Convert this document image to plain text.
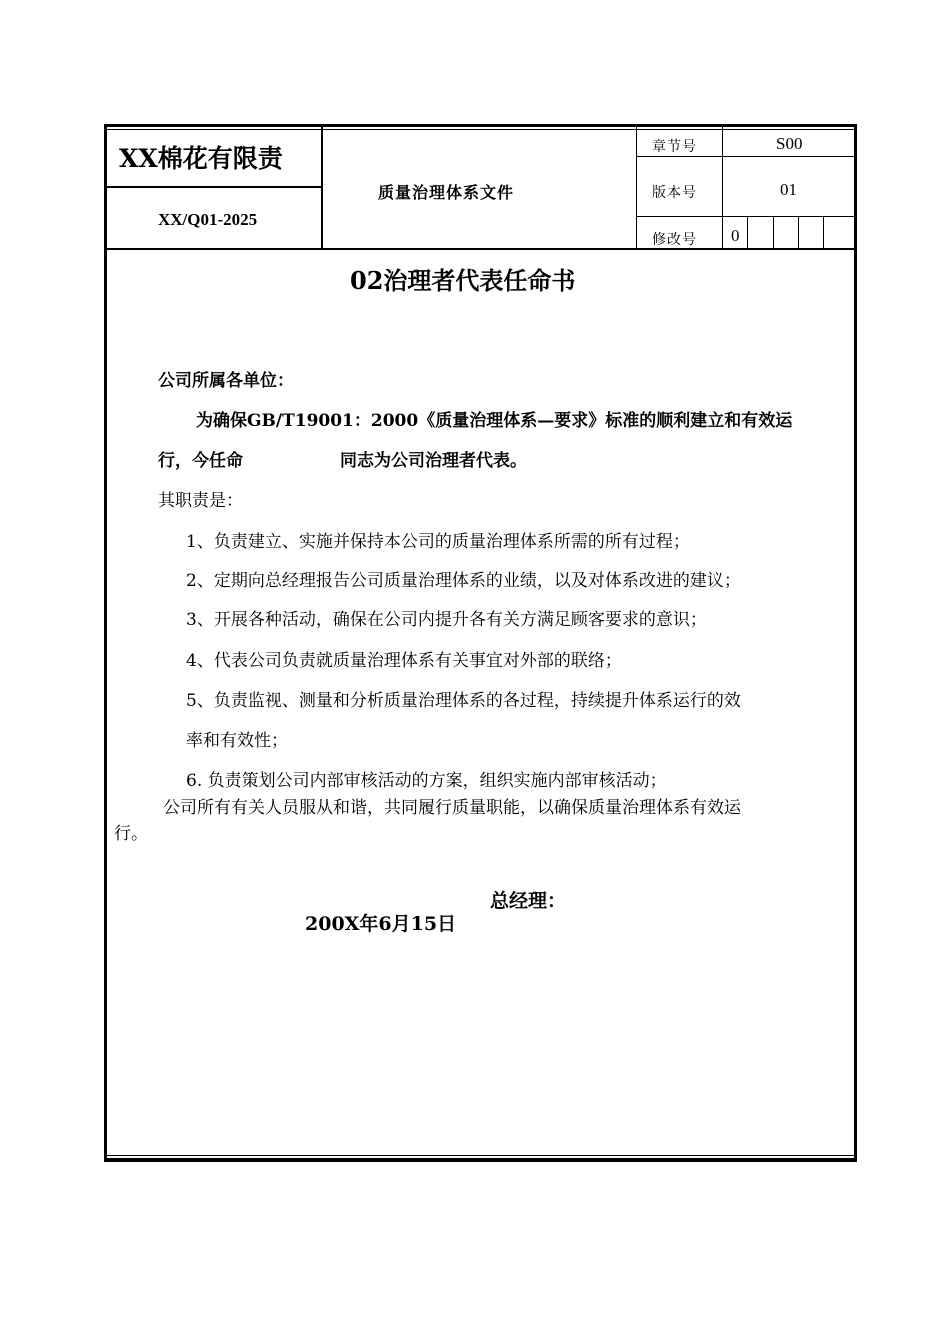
XX棉花有限责
XX/Q01-2025
质量治理体系文件
章节号	S00
版本号	01
修改号 0
02治理者代表任命书
公司所属各单位：
为确保GB/T19001：2000《质量治理体系—要求》标准的顺利建立和有效运
行，今任命	同志为公司治理者代表。
其职责是：
1、负责建立、实施并保持本公司的质量治理体系所需的所有过程；
2、定期向总经理报告公司质量治理体系的业绩，以及对体系改进的建议；
3、开展各种活动，确保在公司内提升各有关方满足顾客要求的意识；
4、代表公司负责就质量治理体系有关事宜对外部的联络；
5、负责监视、测量和分析质量治理体系的各过程，持续提升体系运行的效
率和有效性；
6. 负责策划公司内部审核活动的方案，组织实施内部审核活动；
公司所有有关人员服从和谐，共同履行质量职能，以确保质量治理体系有效运
行。
总经理：
200X年6月15日
